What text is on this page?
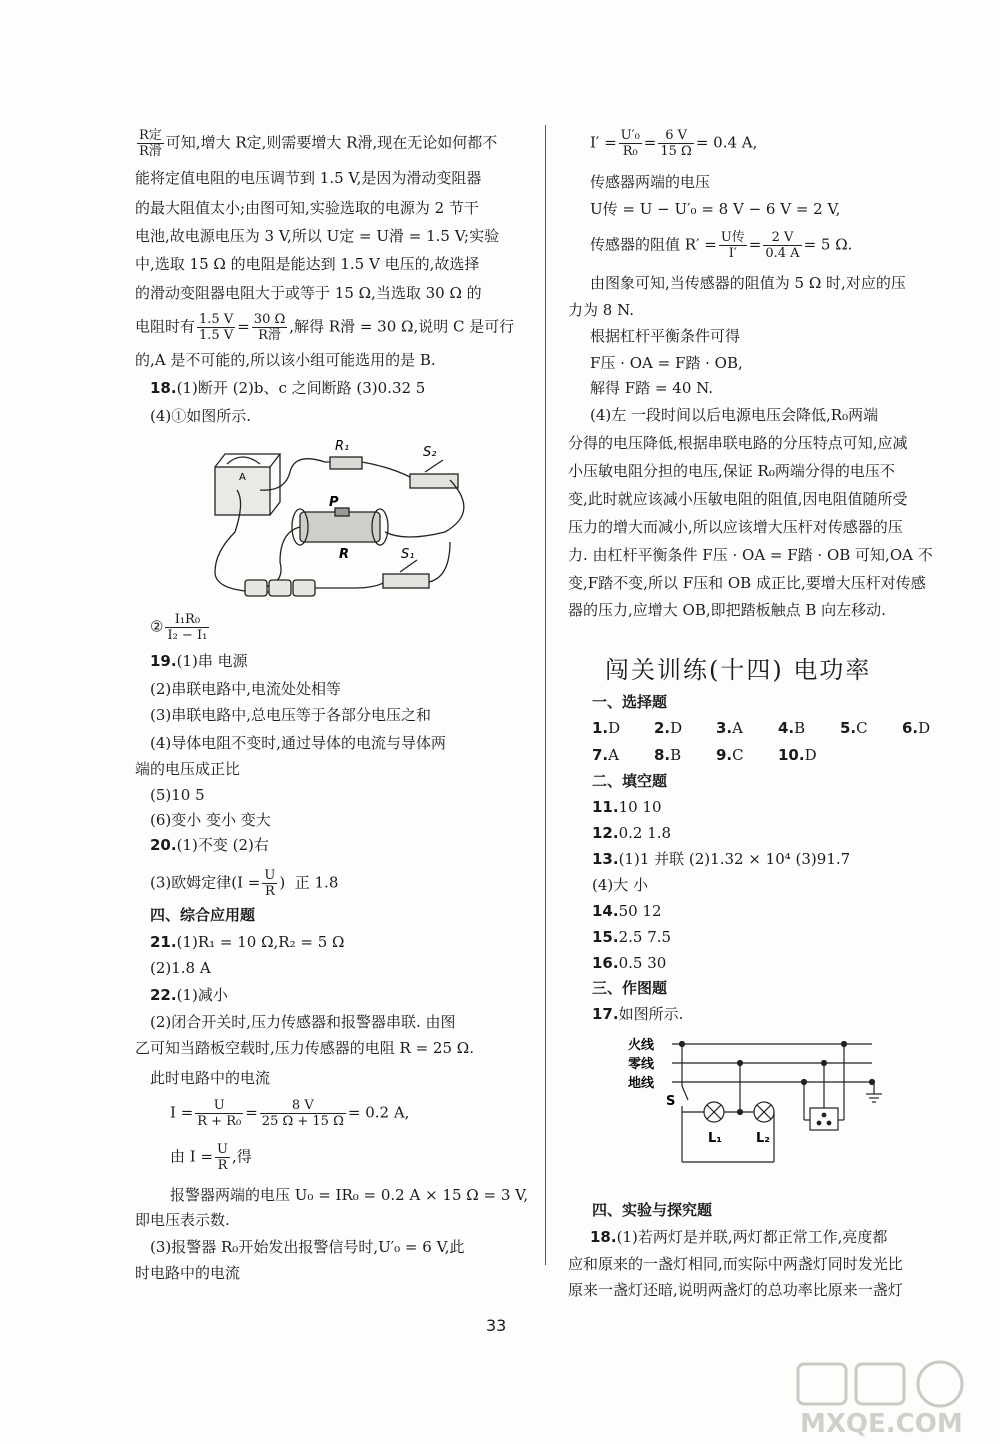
$\frac{\text{R定}}{\text{R滑}}$ 可知,增大 R定,则需要增大 R滑,现在无论如何都不
能将定值电阻的电压调节到 1.5 V,是因为滑动变阻器
的最大阻值太小;由图可知,实验选取的电源为 2 节干
电池,故电源电压为 3 V,所以 U定 = U滑 = 1.5 V;实验
中,选取 15 Ω 的电阻是能达到 1.5 V 电压的,故选择
的滑动变阻器电阻大于或等于 15 Ω,当选取 30 Ω 的
电阻时有 $\frac{1.5 V}{1.5 V} = \frac{30 \Omega}{\text{R滑}}$ ,解得 R滑 = 30 Ω,说明 C 是可行
的,A 是不可能的,所以该小组可能选用的是 B.
18.(1)断开 (2)b、c 之间断路 (3)0.32 5
(4)①如图所示.
A
R₁	S₂
P
R	S₁
② $\frac{\text{I₁R₀}}{\text{I₂ − I₁}}$
19.(1)串 电源
(2)串联电路中,电流处处相等
(3)串联电路中,总电压等于各部分电压之和
(4)导体电阻不变时,通过导体的电流与导体两
端的电压成正比
(5)10 5
(6)变小 变小 变大
20.(1)不变 (2)右
(3)欧姆定律($I = \frac{U}{R}$ ) 正 1.8
四、综合应用题
21.(1)R₁ = 10 Ω,R₂ = 5 Ω
(2)1.8 A
22.(1)减小
(2)闭合开关时,压力传感器和报警器串联. 由图
乙可知当踏板空载时,压力传感器的电阻 R = 25 Ω.
此时电路中的电流
$I = \frac{U}{\text{R + R₀}} = \frac{8 V}{25 \Omega + 15 \Omega} = 0.2$ A,
由 $I = \frac{U}{R}$ ,得
报警器两端的电压 U₀ = IR₀ = 0.2 A × 15 Ω = 3 V,
即电压表示数.
(3)报警器 R₀开始发出报警信号时,U′₀ = 6 V,此
时电路中的电流
$I' = \frac{\text{U′₀}}{\text{R₀}} = \frac{6 V}{15 \Omega} = 0.4$ A,
传感器两端的电压
U传 = U − U′₀ = 8 V − 6 V = 2 V,
传感器的阻值 $R' = \frac{\text{U传}}{I'} = \frac{2 V}{0.4 A} = 5$ Ω.
由图象可知,当传感器的阻值为 5 Ω 时,对应的压
力为 8 N.
根据杠杆平衡条件可得
F压 · OA = F踏 · OB,
解得 F踏 = 40 N.
(4)左 一段时间以后电源电压会降低,R₀两端
分得的电压降低,根据串联电路的分压特点可知,应减
小压敏电阻分担的电压,保证 R₀两端分得的电压不
变,此时就应该减小压敏电阻的阻值,因电阻值随所受
压力的增大而减小,所以应该增大压杆对传感器的压
力. 由杠杆平衡条件 F压 · OA = F踏 · OB 可知,OA 不
变,F踏不变,所以 F压和 OB 成正比,要增大压杆对传感
器的压力,应增大 OB,即把踏板触点 B 向左移动.
闯关训练(十四) 电功率
一、选择题
1.D 2.D 3.A 4.B 5.C 6.D
7.A 8.B 9.C 10.D
二、填空题
11.10 10
12.0.2 1.8
13.(1)1 并联 (2)1.32 × 10⁴ (3)91.7
(4)大 小
14.50 12
15.2.5 7.5
16.0.5 30
三、作图题
17.如图所示.
火线
零线
地线
S
L₁	L₂
四、实验与探究题
18.(1)若两灯是并联,两灯都正常工作,亮度都
应和原来的一盏灯相同,而实际中两盏灯同时发光比
原来一盏灯还暗,说明两盏灯的总功率比原来一盏灯
33
MXQE.COM
